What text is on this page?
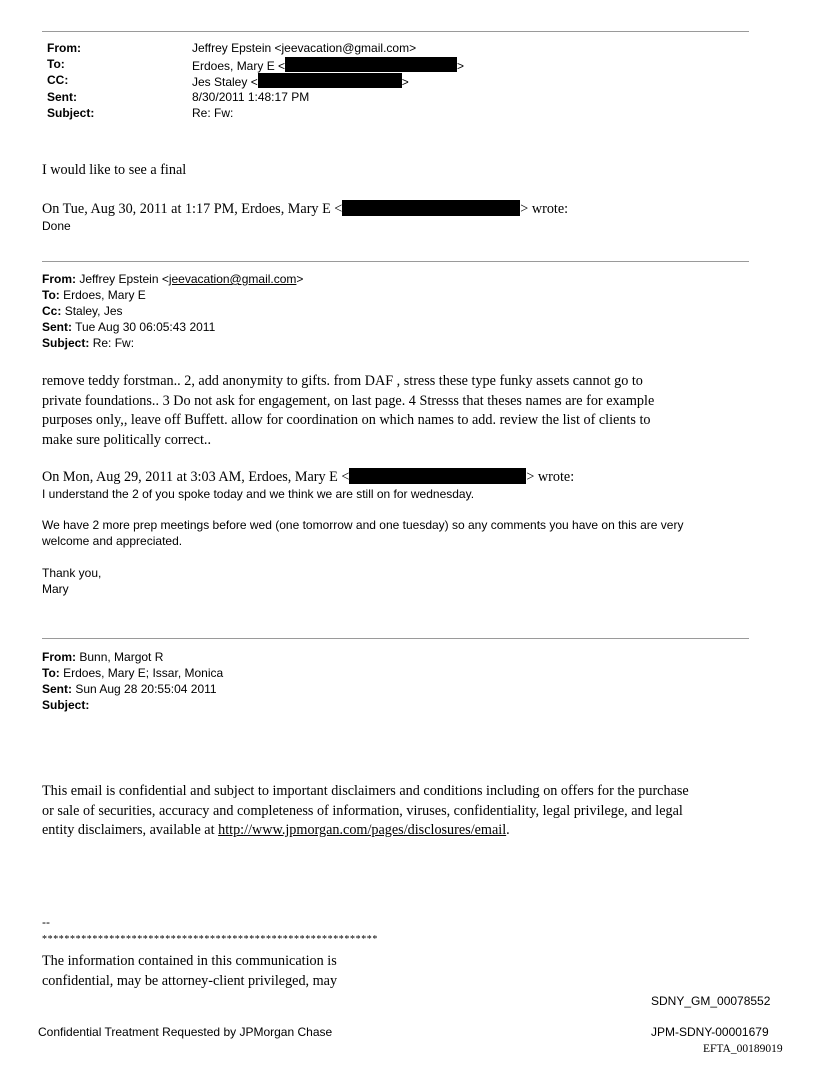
From:	Jeffrey Epstein <jeevacation@gmail.com>
To:	Erdoes, Mary E <	>
CC:	Jes Staley <	>
Sent:	8/30/2011 1:48:17 PM
Subject:	Re: Fw:
I would like to see a final
On Tue, Aug 30, 2011 at 1:17 PM, Erdoes, Mary E <	> wrote:
Done
From: Jeffrey Epstein <jeevacation@gmail.com>
To: Erdoes, Mary E
Cc: Staley, Jes
Sent: Tue Aug 30 06:05:43 2011
Subject: Re: Fw:
remove teddy forstman.. 2, add anonymity to gifts. from DAF , stress these type funky assets cannot go to
private foundations.. 3 Do not ask for engagement, on last page. 4 Stresss that theses names are for example
purposes only,, leave off Buffett. allow for coordination on which names to add. review the list of clients to
make sure politically correct..
On Mon, Aug 29, 2011 at 3:03 AM, Erdoes, Mary E <	> wrote:
I understand the 2 of you spoke today and we think we are still on for wednesday.
We have 2 more prep meetings before wed (one tomorrow and one tuesday) so any comments you have on this are very
welcome and appreciated.
Thank you,
Mary
From: Bunn, Margot R
To: Erdoes, Mary E; Issar, Monica
Sent: Sun Aug 28 20:55:04 2011
Subject:
This email is confidential and subject to important disclaimers and conditions including on offers for the purchase
or sale of securities, accuracy and completeness of information, viruses, confidentiality, legal privilege, and legal
entity disclaimers, available at http://www.jpmorgan.com/pages/disclosures/email.
--
************************************************************
The information contained in this communication is
confidential, may be attorney-client privileged, may
SDNY_GM_00078552
Confidential Treatment Requested by JPMorgan Chase	JPM-SDNY-00001679
EFTA_00189019
